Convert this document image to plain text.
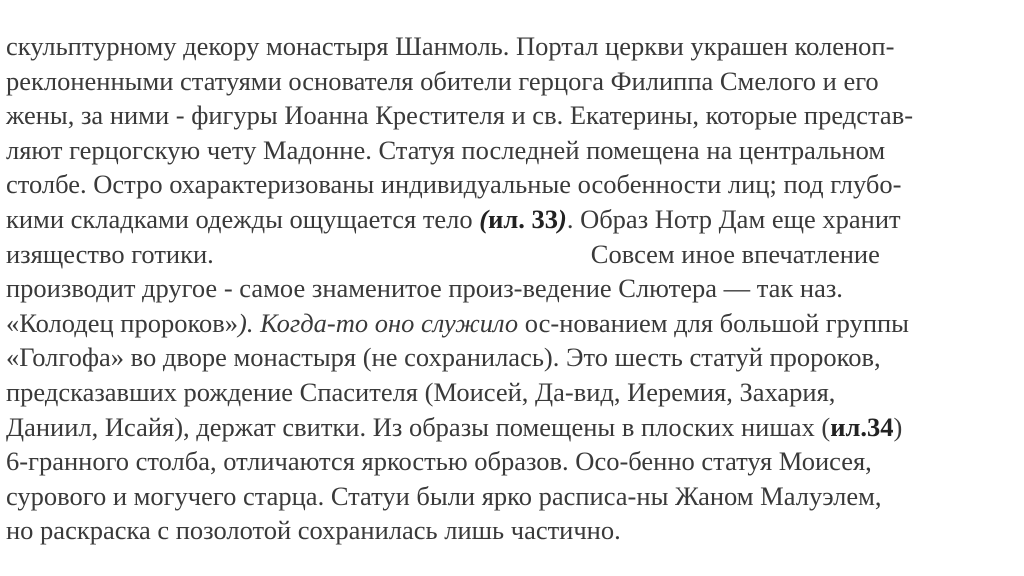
скульптурному декору монастыря Шанмоль. Портал церкви украшен коленоп-
реклоненными статуями основателя обители герцога Филиппа Смелого и его
жены, за ними - фигуры Иоанна Крестителя и св. Екатерины, которые представ-
ляют герцогскую чету Мадонне. Статуя последней помещена на центральном
столбе. Остро охарактеризованы индивидуальные особенности лиц; под глубо-
кими складками одежды ощущается тело (ил. 33). Образ Нотр Дам еще хранит
изящество готики.	Совсем иное впечатление
производит другое - самое знаменитое произ-ведение Слютера — так наз.
«Колодец пророков»). Когда-то оно служило ос-нованием для большой группы
«Голгофа» во дворе монастыря (не сохранилась). Это шесть статуй пророков,
предсказавших рождение Спасителя (Моисей, Да-вид, Иеремия, Захария,
Даниил, Исайя), держат свитки. Из образы помещены в плоских нишах (ил.34)
6-гранного столба, отличаются яркостью образов. Осо-бенно статуя Моисея,
сурового и могучего старца. Статуи были ярко расписа-ны Жаном Малуэлем,
но раскраска с позолотой сохранилась лишь частично.
